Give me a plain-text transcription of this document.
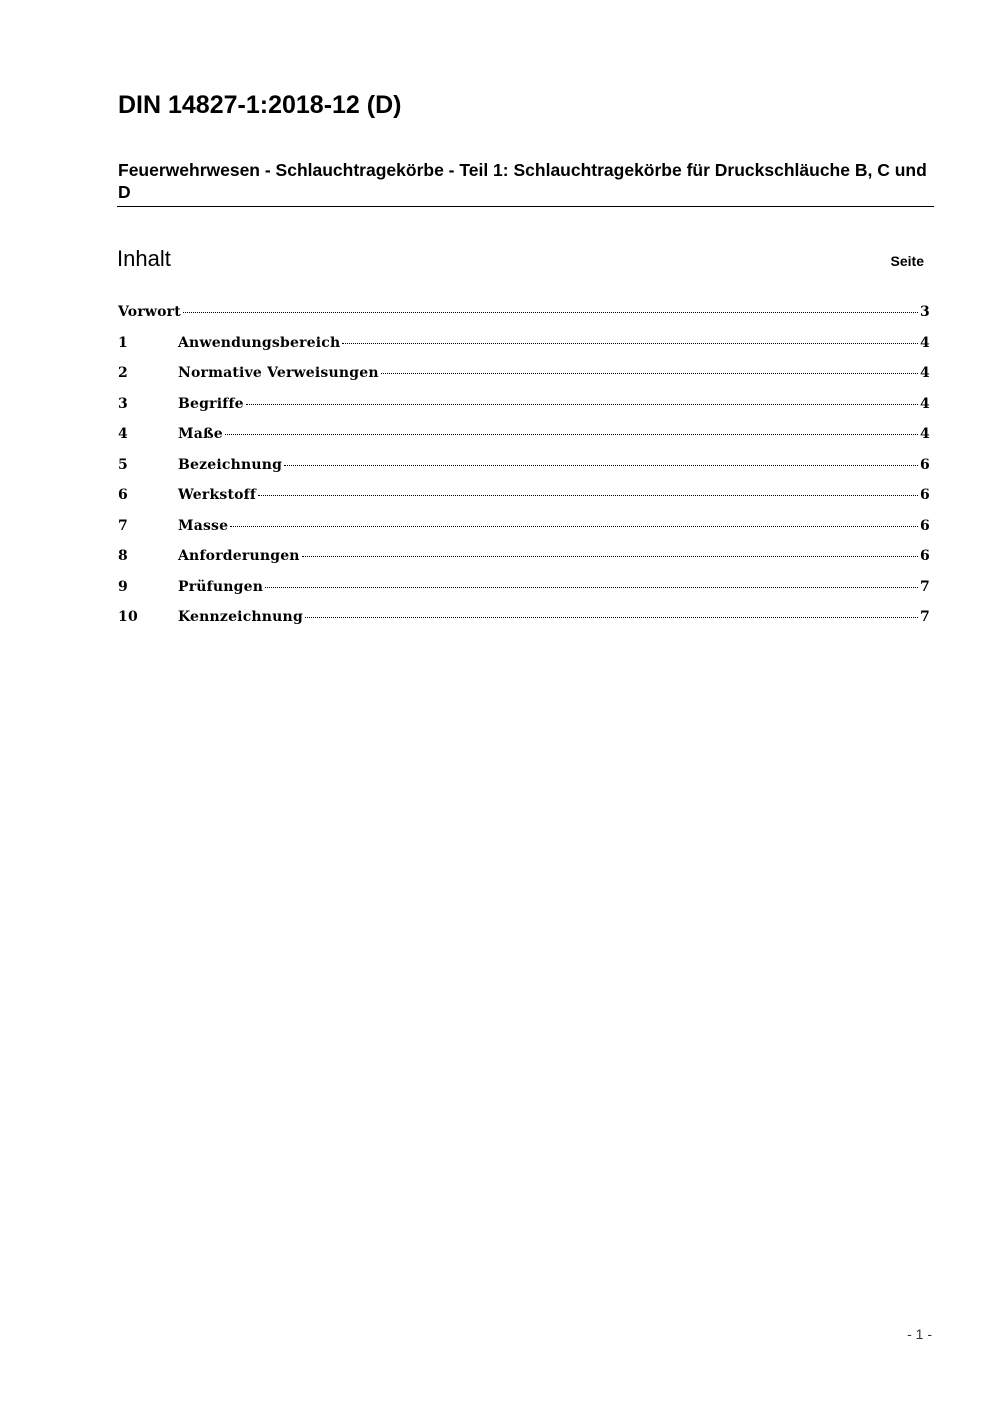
DIN 14827-1:2018-12 (D)
Feuerwehrwesen - Schlauchtragekörbe - Teil 1: Schlauchtragekörbe für Druckschläuche B, C und D
Inhalt	Seite
Vorwort	3
1	Anwendungsbereich	4
2	Normative Verweisungen	4
3	Begriffe	4
4	Maße	4
5	Bezeichnung	6
6	Werkstoff	6
7	Masse	6
8	Anforderungen	6
9	Prüfungen	7
10	Kennzeichnung	7
- 1 -
